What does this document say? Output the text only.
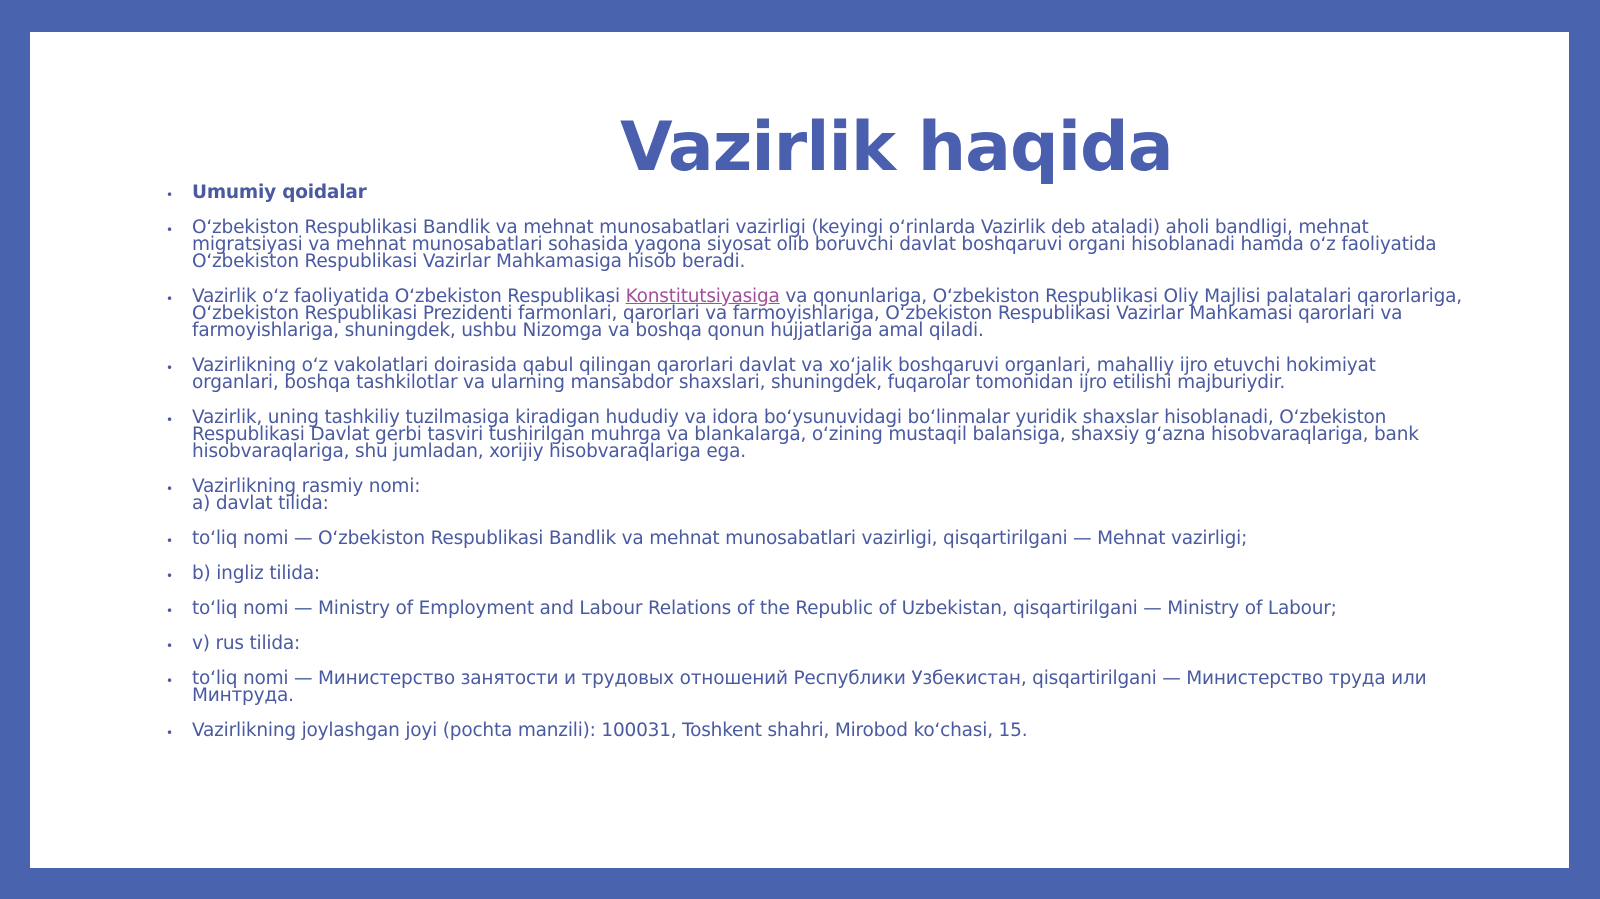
Vazirlik haqida
• Umumiy qoidalar
• O‘zbekiston Respublikasi Bandlik va mehnat munosabatlari vazirligi (keyingi o‘rinlarda Vazirlik deb ataladi) aholi bandligi, mehnat migratsiyasi va mehnat munosabatlari sohasida yagona siyosat olib boruvchi davlat boshqaruvi organi hisoblanadi hamda o‘z faoliyatida O‘zbekiston Respublikasi Vazirlar Mahkamasiga hisob beradi.
• Vazirlik o‘z faoliyatida O‘zbekiston Respublikasi Konstitutsiyasiga va qonunlariga, O‘zbekiston Respublikasi Oliy Majlisi palatalari qarorlariga, O‘zbekiston Respublikasi Prezidenti farmonlari, qarorlari va farmoyishlariga, O‘zbekiston Respublikasi Vazirlar Mahkamasi qarorlari va farmoyishlariga, shuningdek, ushbu Nizomga va boshqa qonun hujjatlariga amal qiladi.
• Vazirlikning o‘z vakolatlari doirasida qabul qilingan qarorlari davlat va xo‘jalik boshqaruvi organlari, mahalliy ijro etuvchi hokimiyat organlari, boshqa tashkilotlar va ularning mansabdor shaxslari, shuningdek, fuqarolar tomonidan ijro etilishi majburiydir.
• Vazirlik, uning tashkiliy tuzilmasiga kiradigan hududiy va idora bo‘ysunuvidagi bo‘linmalar yuridik shaxslar hisoblanadi, O‘zbekiston Respublikasi Davlat gerbi tasviri tushirilgan muhrga va blankalarga, o‘zining mustaqil balansiga, shaxsiy g‘azna hisobvaraqlariga, bank hisobvaraqlariga, shu jumladan, xorijiy hisobvaraqlariga ega.
• Vazirlikning rasmiy nomi:
a) davlat tilida:
• to‘liq nomi — O‘zbekiston Respublikasi Bandlik va mehnat munosabatlari vazirligi, qisqartirilgani — Mehnat vazirligi;
• b) ingliz tilida:
• to‘liq nomi — Ministry of Employment and Labour Relations of the Republic of Uzbekistan, qisqartirilgani — Ministry of Labour;
• v) rus tilida:
• to‘liq nomi — Министерство занятости и трудовых отношений Республики Узбекистан, qisqartirilgani — Министерство труда или Минтруда.
• Vazirlikning joylashgan joyi (pochta manzili): 100031, Toshkent shahri, Mirobod ko‘chasi, 15.
